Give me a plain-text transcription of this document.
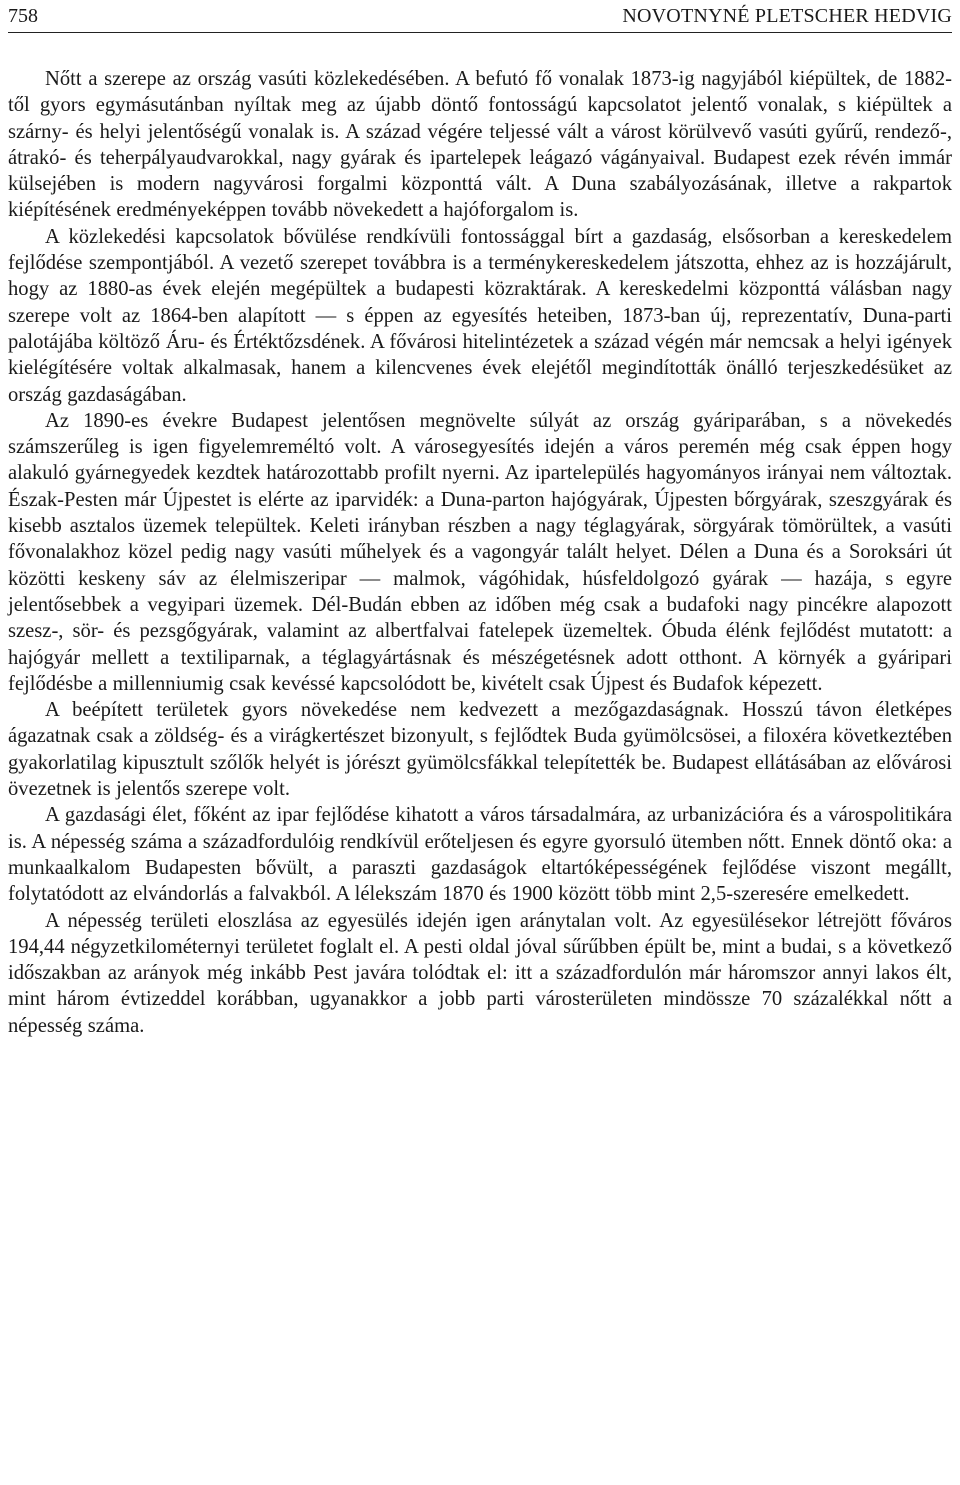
758	NOVOTNYNÉ PLETSCHER HEDVIG

Nőtt a szerepe az ország vasúti közlekedésében. A befutó fő vonalak 1873-ig nagyjából kiépültek, de 1882-től gyors egymásutánban nyíltak meg az újabb döntő fontosságú kapcsolatot jelentő vonalak, s kiépültek a szárny- és helyi jelentőségű vonalak is. A század végére teljessé vált a várost körülvevő vasúti gyűrű, rendező-, átrakó- és teherpályaudvarokkal, nagy gyárak és ipartelepek leágazó vágányaival. Budapest ezek révén immár külsejében is modern nagyvárosi forgalmi központtá vált. A Duna szabályozásának, illetve a rakpartok kiépítésének eredményeképpen tovább növekedett a hajóforgalom is.

A közlekedési kapcsolatok bővülése rendkívüli fontossággal bírt a gazdaság, elsősorban a kereskedelem fejlődése szempontjából. A vezető szerepet továbbra is a terménykereskedelem játszotta, ehhez az is hozzájárult, hogy az 1880-as évek elején megépültek a budapesti közraktárak. A kereskedelmi központtá válásban nagy szerepe volt az 1864-ben alapított — s éppen az egyesítés heteiben, 1873-ban új, reprezentatív, Duna-parti palotájába költöző Áru- és Értéktőzsdének. A fővárosi hitelintézetek a század végén már nemcsak a helyi igények kielégítésére voltak alkalmasak, hanem a kilencvenes évek elejétől megindították önálló terjeszkedésüket az ország gazdaságában.

Az 1890-es évekre Budapest jelentősen megnövelte súlyát az ország gyáriparában, s a növekedés számszerűleg is igen figyelemreméltó volt. A városegyesítés idején a város peremén még csak éppen hogy alakuló gyárnegyedek kezdtek határozottabb profilt nyerni. Az ipartelepülés hagyományos irányai nem változtak. Észak-Pesten már Újpestet is elérte az iparvidék: a Duna-parton hajógyárak, Újpesten bőrgyárak, szeszgyárak és kisebb asztalos üzemek települtek. Keleti irányban részben a nagy téglagyárak, sörgyárak tömörültek, a vasúti fővonalakhoz közel pedig nagy vasúti műhelyek és a vagongyár talált helyet. Délen a Duna és a Soroksári út közötti keskeny sáv az élelmiszeripar — malmok, vágóhidak, húsfeldolgozó gyárak — hazája, s egyre jelentősebbek a vegyipari üzemek. Dél-Budán ebben az időben még csak a budafoki nagy pincékre alapozott szesz-, sör- és pezsgőgyárak, valamint az albertfalvai fatelepek üzemeltek. Óbuda élénk fejlődést mutatott: a hajógyár mellett a textiliparnak, a téglagyártásnak és mészégetésnek adott otthont. A környék a gyáripari fejlődésbe a millenniumig csak kevéssé kapcsolódott be, kivételt csak Újpest és Budafok képezett.

A beépített területek gyors növekedése nem kedvezett a mezőgazdaságnak. Hosszú távon életképes ágazatnak csak a zöldség- és a virágkertészet bizonyult, s fejlődtek Buda gyümölcsösei, a filoxéra következtében gyakorlatilag kipusztult szőlők helyét is jórészt gyümölcsfákkal telepítették be. Budapest ellátásában az elővárosi övezetnek is jelentős szerepe volt.

A gazdasági élet, főként az ipar fejlődése kihatott a város társadalmára, az urbanizációra és a várospolitikára is. A népesség száma a századfordulóig rendkívül erőteljesen és egyre gyorsuló ütemben nőtt. Ennek döntő oka: a munkaalkalom Budapesten bővült, a paraszti gazdaságok eltartóképességének fejlődése viszont megállt, folytatódott az elvándorlás a falvakból. A lélekszám 1870 és 1900 között több mint 2,5-szeresére emelkedett.

A népesség területi eloszlása az egyesülés idején igen aránytalan volt. Az egyesülésekor létrejött főváros 194,44 négyzetkilométernyi területet foglalt el. A pesti oldal jóval sűrűbben épült be, mint a budai, s a következő időszakban az arányok még inkább Pest javára tolódtak el: itt a századfordulón már háromszor annyi lakos élt, mint három évtizeddel korábban, ugyanakkor a jobb parti városterületen mindössze 70 százalékkal nőtt a népesség száma.
